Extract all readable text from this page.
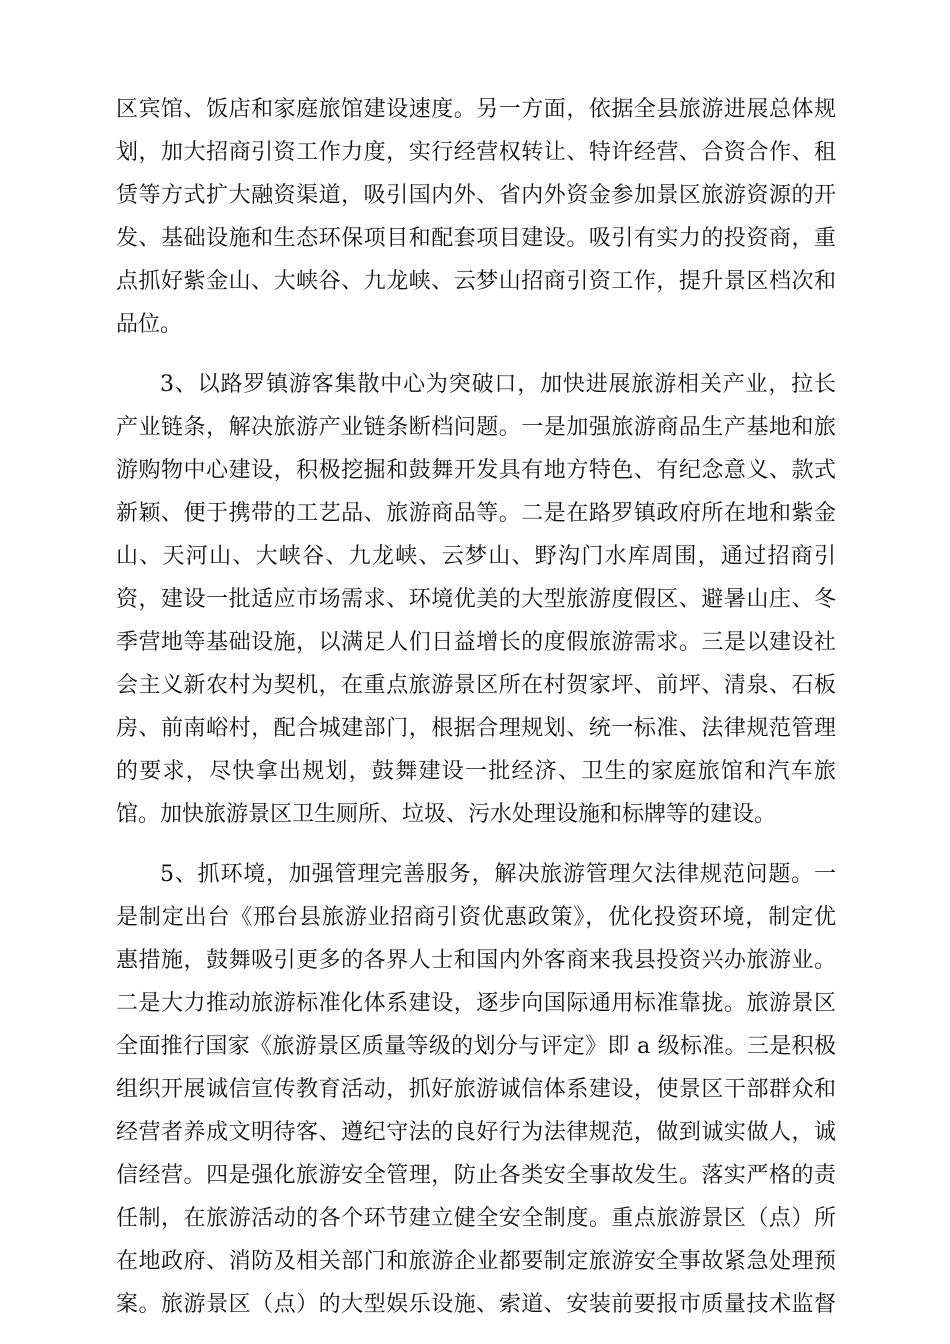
区宾馆、饭店和家庭旅馆建设速度。另一方面，依据全县旅游进展总体规
划，加大招商引资工作力度，实行经营权转让、特许经营、合资合作、租
赁等方式扩大融资渠道，吸引国内外、省内外资金参加景区旅游资源的开
发、基础设施和生态环保项目和配套项目建设。吸引有实力的投资商，重
点抓好紫金山、大峡谷、九龙峡、云梦山招商引资工作，提升景区档次和
品位。
3、以路罗镇游客集散中心为突破口，加快进展旅游相关产业，拉长
产业链条，解决旅游产业链条断档问题。一是加强旅游商品生产基地和旅
游购物中心建设，积极挖掘和鼓舞开发具有地方特色、有纪念意义、款式
新颖、便于携带的工艺品、旅游商品等。二是在路罗镇政府所在地和紫金
山、天河山、大峡谷、九龙峡、云梦山、野沟门水库周围，通过招商引
资，建设一批适应市场需求、环境优美的大型旅游度假区、避暑山庄、冬
季营地等基础设施，以满足人们日益增长的度假旅游需求。三是以建设社
会主义新农村为契机，在重点旅游景区所在村贺家坪、前坪、清泉、石板
房、前南峪村，配合城建部门，根据合理规划、统一标准、法律规范管理
的要求，尽快拿出规划，鼓舞建设一批经济、卫生的家庭旅馆和汽车旅
馆。加快旅游景区卫生厕所、垃圾、污水处理设施和标牌等的建设。
5、抓环境，加强管理完善服务，解决旅游管理欠法律规范问题。一
是制定出台《邢台县旅游业招商引资优惠政策》，优化投资环境，制定优
惠措施，鼓舞吸引更多的各界人士和国内外客商来我县投资兴办旅游业。
二是大力推动旅游标准化体系建设，逐步向国际通用标准靠拢。旅游景区
全面推行国家《旅游景区质量等级的划分与评定》即 a 级标准。三是积极
组织开展诚信宣传教育活动，抓好旅游诚信体系建设，使景区干部群众和
经营者养成文明待客、遵纪守法的良好行为法律规范，做到诚实做人，诚
信经营。四是强化旅游安全管理，防止各类安全事故发生。落实严格的责
任制，在旅游活动的各个环节建立健全安全制度。重点旅游景区（点）所
在地政府、消防及相关部门和旅游企业都要制定旅游安全事故紧急处理预
案。旅游景区（点）的大型娱乐设施、索道、安装前要报市质量技术监督
